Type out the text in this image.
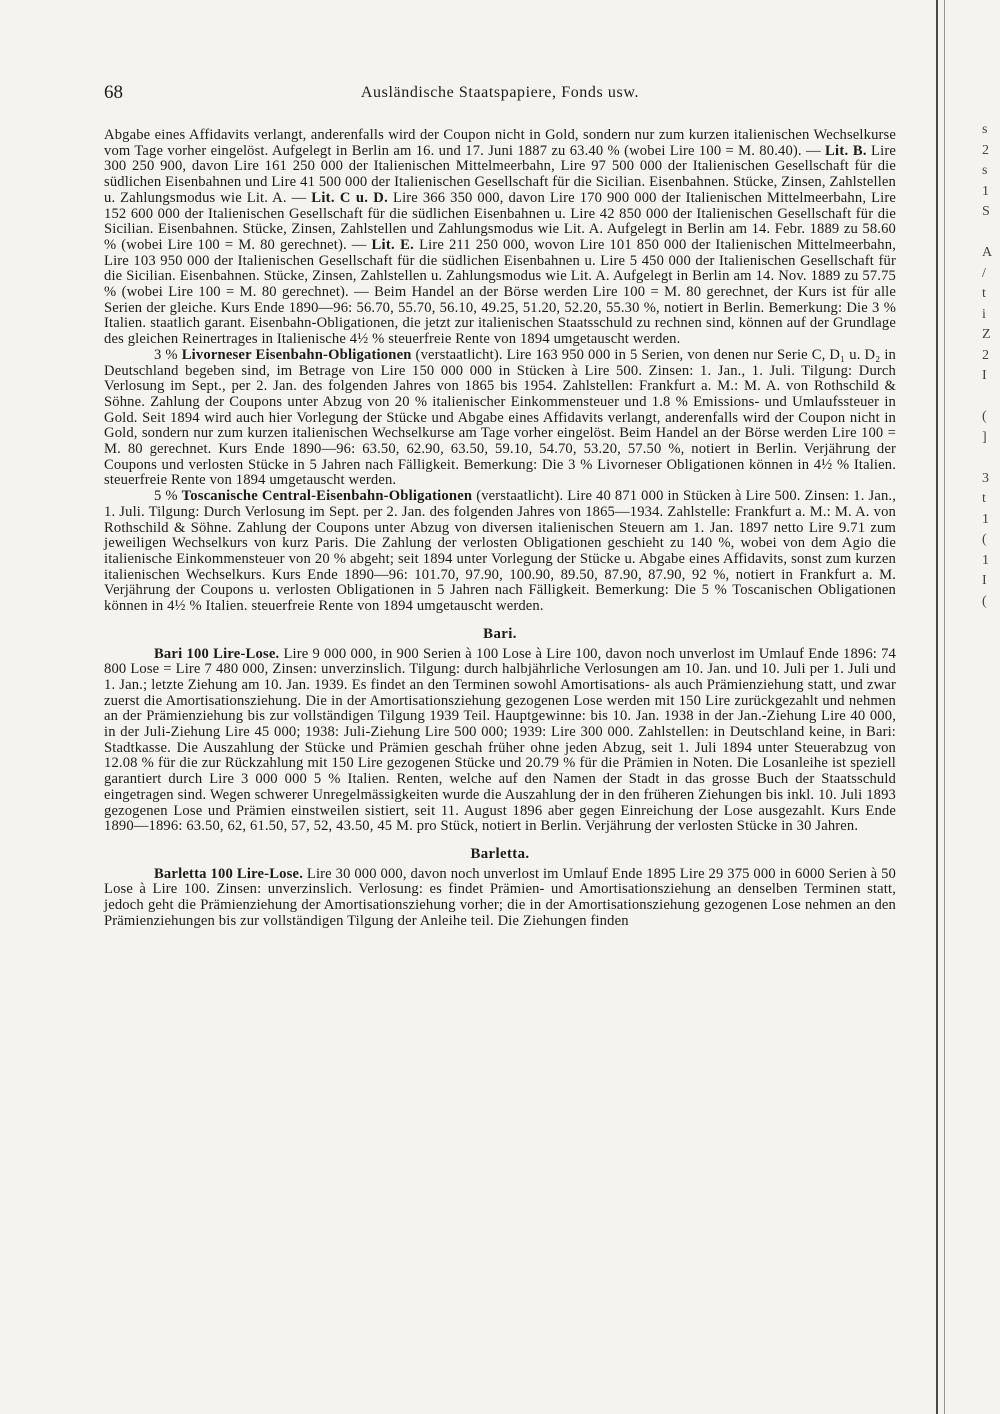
s
2
s
1
S

A
/
t
i
Z
2
I

(
]

3
t
1
(
1
I
(
68	Ausländische Staatspapiere, Fonds usw.

Abgabe eines Affidavits verlangt, anderenfalls wird der Coupon nicht in Gold, sondern nur zum kurzen italienischen Wechselkurse vom Tage vorher eingelöst. Aufgelegt in Berlin am 16. und 17. Juni 1887 zu 63.40 % (wobei Lire 100 = M. 80.40). — Lit. B. Lire 300 250 900, davon Lire 161 250 000 der Italienischen Mittelmeerbahn, Lire 97 500 000 der Italienischen Gesellschaft für die südlichen Eisenbahnen und Lire 41 500 000 der Italienischen Gesellschaft für die Sicilian. Eisenbahnen. Stücke, Zinsen, Zahlstellen u. Zahlungsmodus wie Lit. A. — Lit. C u. D. Lire 366 350 000, davon Lire 170 900 000 der Italienischen Mittelmeerbahn, Lire 152 600 000 der Italienischen Gesellschaft für die südlichen Eisenbahnen u. Lire 42 850 000 der Italienischen Gesellschaft für die Sicilian. Eisenbahnen. Stücke, Zinsen, Zahlstellen und Zahlungsmodus wie Lit. A. Aufgelegt in Berlin am 14. Febr. 1889 zu 58.60 % (wobei Lire 100 = M. 80 gerechnet). — Lit. E. Lire 211 250 000, wovon Lire 101 850 000 der Italienischen Mittelmeerbahn, Lire 103 950 000 der Italienischen Gesellschaft für die südlichen Eisenbahnen u. Lire 5 450 000 der Italienischen Gesellschaft für die Sicilian. Eisenbahnen. Stücke, Zinsen, Zahlstellen u. Zahlungsmodus wie Lit. A. Aufgelegt in Berlin am 14. Nov. 1889 zu 57.75 % (wobei Lire 100 = M. 80 gerechnet). — Beim Handel an der Börse werden Lire 100 = M. 80 gerechnet, der Kurs ist für alle Serien der gleiche. Kurs Ende 1890—96: 56.70, 55.70, 56.10, 49.25, 51.20, 52.20, 55.30 %, notiert in Berlin. Bemerkung: Die 3 % Italien. staatlich garant. Eisenbahn-Obligationen, die jetzt zur italienischen Staatsschuld zu rechnen sind, können auf der Grundlage des gleichen Reinertrages in Italienische 4½ % steuerfreie Rente von 1894 umgetauscht werden.

3 % Livorneser Eisenbahn-Obligationen (verstaatlicht). Lire 163 950 000 in 5 Serien, von denen nur Serie C, D₁ u. D₂ in Deutschland begeben sind, im Betrage von Lire 150 000 000 in Stücken à Lire 500. Zinsen: 1. Jan., 1. Juli. Tilgung: Durch Verlosung im Sept., per 2. Jan. des folgenden Jahres von 1865 bis 1954. Zahlstellen: Frankfurt a. M.: M. A. von Rothschild & Söhne. Zahlung der Coupons unter Abzug von 20 % italienischer Einkommensteuer und 1.8 % Emissions- und Umlaufssteuer in Gold. Seit 1894 wird auch hier Vorlegung der Stücke und Abgabe eines Affidavits verlangt, anderenfalls wird der Coupon nicht in Gold, sondern nur zum kurzen italienischen Wechselkurse am Tage vorher eingelöst. Beim Handel an der Börse werden Lire 100 = M. 80 gerechnet. Kurs Ende 1890—96: 63.50, 62.90, 63.50, 59.10, 54.70, 53.20, 57.50 %, notiert in Berlin. Verjährung der Coupons und verlosten Stücke in 5 Jahren nach Fälligkeit. Bemerkung: Die 3 % Livorneser Obligationen können in 4½ % Italien. steuerfreie Rente von 1894 umgetauscht werden.

5 % Toscanische Central-Eisenbahn-Obligationen (verstaatlicht). Lire 40 871 000 in Stücken à Lire 500. Zinsen: 1. Jan., 1. Juli. Tilgung: Durch Verlosung im Sept. per 2. Jan. des folgenden Jahres von 1865—1934. Zahlstelle: Frankfurt a. M.: M. A. von Rothschild & Söhne. Zahlung der Coupons unter Abzug von diversen italienischen Steuern am 1. Jan. 1897 netto Lire 9.71 zum jeweiligen Wechselkurs von kurz Paris. Die Zahlung der verlosten Obligationen geschieht zu 140 %, wobei von dem Agio die italienische Einkommensteuer von 20 % abgeht; seit 1894 unter Vorlegung der Stücke u. Abgabe eines Affidavits, sonst zum kurzen italienischen Wechselkurs. Kurs Ende 1890—96: 101.70, 97.90, 100.90, 89.50, 87.90, 87.90, 92 %, notiert in Frankfurt a. M. Verjährung der Coupons u. verlosten Obligationen in 5 Jahren nach Fälligkeit. Bemerkung: Die 5 % Toscanischen Obligationen können in 4½ % Italien. steuerfreie Rente von 1894 umgetauscht werden.

Bari.

Bari 100 Lire-Lose. Lire 9 000 000, in 900 Serien à 100 Lose à Lire 100, davon noch unverlost im Umlauf Ende 1896: 74 800 Lose = Lire 7 480 000, Zinsen: unverzinslich. Tilgung: durch halbjährliche Verlosungen am 10. Jan. und 10. Juli per 1. Juli und 1. Jan.; letzte Ziehung am 10. Jan. 1939. Es findet an den Terminen sowohl Amortisations- als auch Prämienziehung statt, und zwar zuerst die Amortisationsziehung. Die in der Amortisationsziehung gezogenen Lose werden mit 150 Lire zurückgezahlt und nehmen an der Prämienziehung bis zur vollständigen Tilgung 1939 Teil. Hauptgewinne: bis 10. Jan. 1938 in der Jan.-Ziehung Lire 40 000, in der Juli-Ziehung Lire 45 000; 1938: Juli-Ziehung Lire 500 000; 1939: Lire 300 000. Zahlstellen: in Deutschland keine, in Bari: Stadtkasse. Die Auszahlung der Stücke und Prämien geschah früher ohne jeden Abzug, seit 1. Juli 1894 unter Steuerabzug von 12.08 % für die zur Rückzahlung mit 150 Lire gezogenen Stücke und 20.79 % für die Prämien in Noten. Die Losanleihe ist speziell garantiert durch Lire 3 000 000 5 % Italien. Renten, welche auf den Namen der Stadt in das grosse Buch der Staatsschuld eingetragen sind. Wegen schwerer Unregelmässigkeiten wurde die Auszahlung der in den früheren Ziehungen bis inkl. 10. Juli 1893 gezogenen Lose und Prämien einstweilen sistiert, seit 11. August 1896 aber gegen Einreichung der Lose ausgezahlt. Kurs Ende 1890—1896: 63.50, 62, 61.50, 57, 52, 43.50, 45 M. pro Stück, notiert in Berlin. Verjährung der verlosten Stücke in 30 Jahren.

Barletta.

Barletta 100 Lire-Lose. Lire 30 000 000, davon noch unverlost im Umlauf Ende 1895 Lire 29 375 000 in 6000 Serien à 50 Lose à Lire 100. Zinsen: unverzinslich. Verlosung: es findet Prämien- und Amortisationsziehung an denselben Terminen statt, jedoch geht die Prämienziehung der Amortisationsziehung vorher; die in der Amortisationsziehung gezogenen Lose nehmen an den Prämienziehungen bis zur vollständigen Tilgung der Anleihe teil. Die Ziehungen finden
